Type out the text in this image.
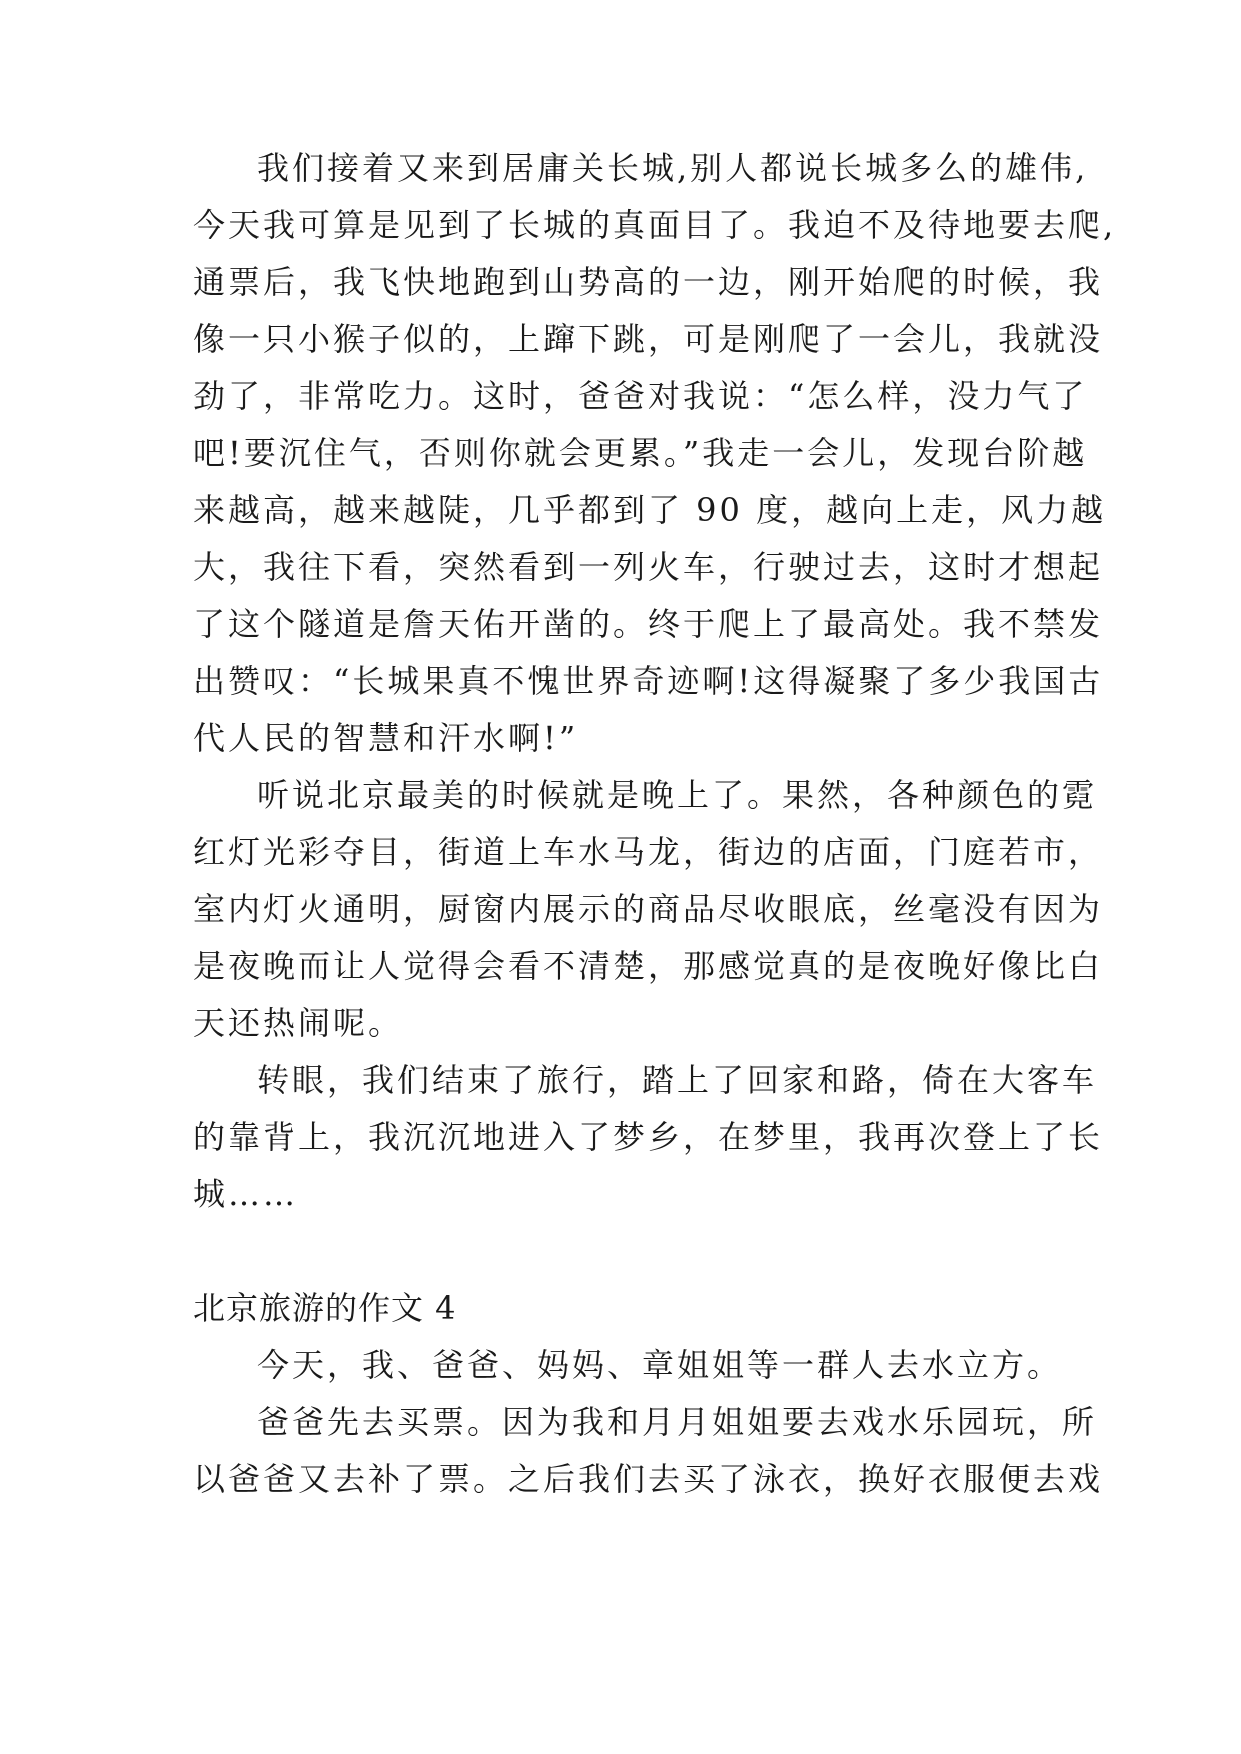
我们接着又来到居庸关长城,别人都说长城多么的雄伟,

今天我可算是见到了长城的真面目了。我迫不及待地要去爬,

通票后，我飞快地跑到山势高的一边，刚开始爬的时候，我

像一只小猴子似的，上蹿下跳，可是刚爬了一会儿，我就没

劲了，非常吃力。这时，爸爸对我说：“怎么样，没力气了

吧!要沉住气，否则你就会更累。”我走一会儿，发现台阶越

来越高，越来越陡，几乎都到了 90 度，越向上走，风力越

大，我往下看，突然看到一列火车，行驶过去，这时才想起

了这个隧道是詹天佑开凿的。终于爬上了最高处。我不禁发

出赞叹：“长城果真不愧世界奇迹啊!这得凝聚了多少我国古

代人民的智慧和汗水啊!”

听说北京最美的时候就是晚上了。果然，各种颜色的霓

红灯光彩夺目，街道上车水马龙，街边的店面，门庭若市，

室内灯火通明，厨窗内展示的商品尽收眼底，丝毫没有因为

是夜晚而让人觉得会看不清楚，那感觉真的是夜晚好像比白

天还热闹呢。

转眼，我们结束了旅行，踏上了回家和路，倚在大客车

的靠背上，我沉沉地进入了梦乡，在梦里，我再次登上了长

城……

北京旅游的作文 4

今天，我、爸爸、妈妈、章姐姐等一群人去水立方。

爸爸先去买票。因为我和月月姐姐要去戏水乐园玩，所

以爸爸又去补了票。之后我们去买了泳衣，换好衣服便去戏
